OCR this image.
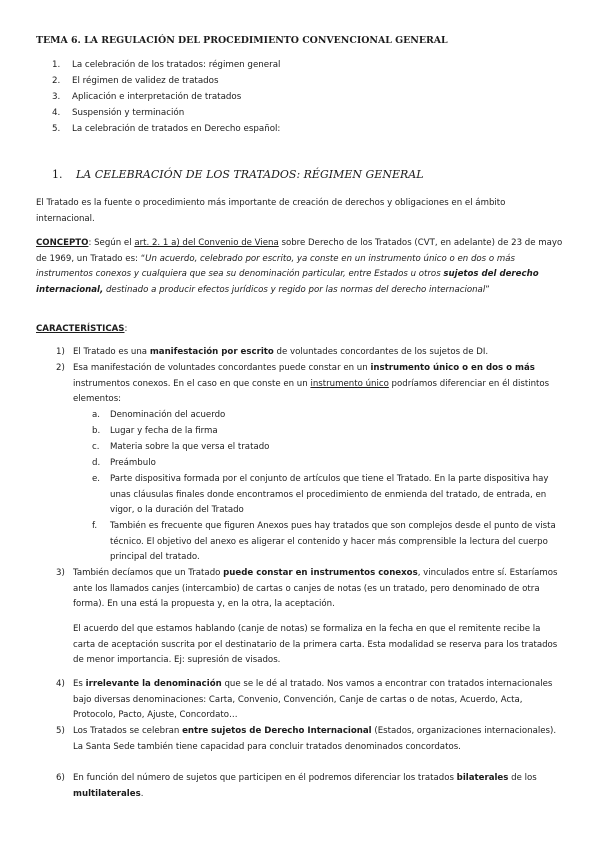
TEMA 6. LA REGULACIÓN DEL PROCEDIMIENTO CONVENCIONAL GENERAL
1. La celebración de los tratados: régimen general
2. El régimen de validez de tratados
3. Aplicación e interpretación de tratados
4. Suspensión y terminación
5. La celebración de tratados en Derecho español:
1. LA CELEBRACIÓN DE LOS TRATADOS: RÉGIMEN GENERAL
El Tratado es la fuente o procedimiento más importante de creación de derechos y obligaciones en el ámbito internacional.
CONCEPTO: Según el art. 2. 1 a) del Convenio de Viena sobre Derecho de los Tratados (CVT, en adelante) de 23 de mayo de 1969, un Tratado es: “Un acuerdo, celebrado por escrito, ya conste en un instrumento único o en dos o más instrumentos conexos y cualquiera que sea su denominación particular, entre Estados u otros sujetos del derecho internacional, destinado a producir efectos jurídicos y regido por las normas del derecho internacional”
CARACTERÍSTICAS:
1) El Tratado es una manifestación por escrito de voluntades concordantes de los sujetos de DI.
2) Esa manifestación de voluntades concordantes puede constar en un instrumento único o en dos o más instrumentos conexos. En el caso en que conste en un instrumento único podríamos diferenciar en él distintos elementos:
a. Denominación del acuerdo
b. Lugar y fecha de la firma
c. Materia sobre la que versa el tratado
d. Preámbulo
e. Parte dispositiva formada por el conjunto de artículos que tiene el Tratado. En la parte dispositiva hay unas cláusulas finales donde encontramos el procedimiento de enmienda del tratado, de entrada, en vigor, o la duración del Tratado
f. También es frecuente que figuren Anexos pues hay tratados que son complejos desde el punto de vista técnico. El objetivo del anexo es aligerar el contenido y hacer más comprensible la lectura del cuerpo principal del tratado.
3) También decíamos que un Tratado puede constar en instrumentos conexos, vinculados entre sí. Estaríamos ante los llamados canjes (intercambio) de cartas o canjes de notas (es un tratado, pero denominado de otra forma). En una está la propuesta y, en la otra, la aceptación.
El acuerdo del que estamos hablando (canje de notas) se formaliza en la fecha en que el remitente recibe la carta de aceptación suscrita por el destinatario de la primera carta. Esta modalidad se reserva para los tratados de menor importancia. Ej: supresión de visados.
4) Es irrelevante la denominación que se le dé al tratado. Nos vamos a encontrar con tratados internacionales bajo diversas denominaciones: Carta, Convenio, Convención, Canje de cartas o de notas, Acuerdo, Acta, Protocolo, Pacto, Ajuste, Concordato…
5) Los Tratados se celebran entre sujetos de Derecho Internacional (Estados, organizaciones internacionales). La Santa Sede también tiene capacidad para concluir tratados denominados concordatos.
6) En función del número de sujetos que participen en él podremos diferenciar los tratados bilaterales de los multilaterales.
